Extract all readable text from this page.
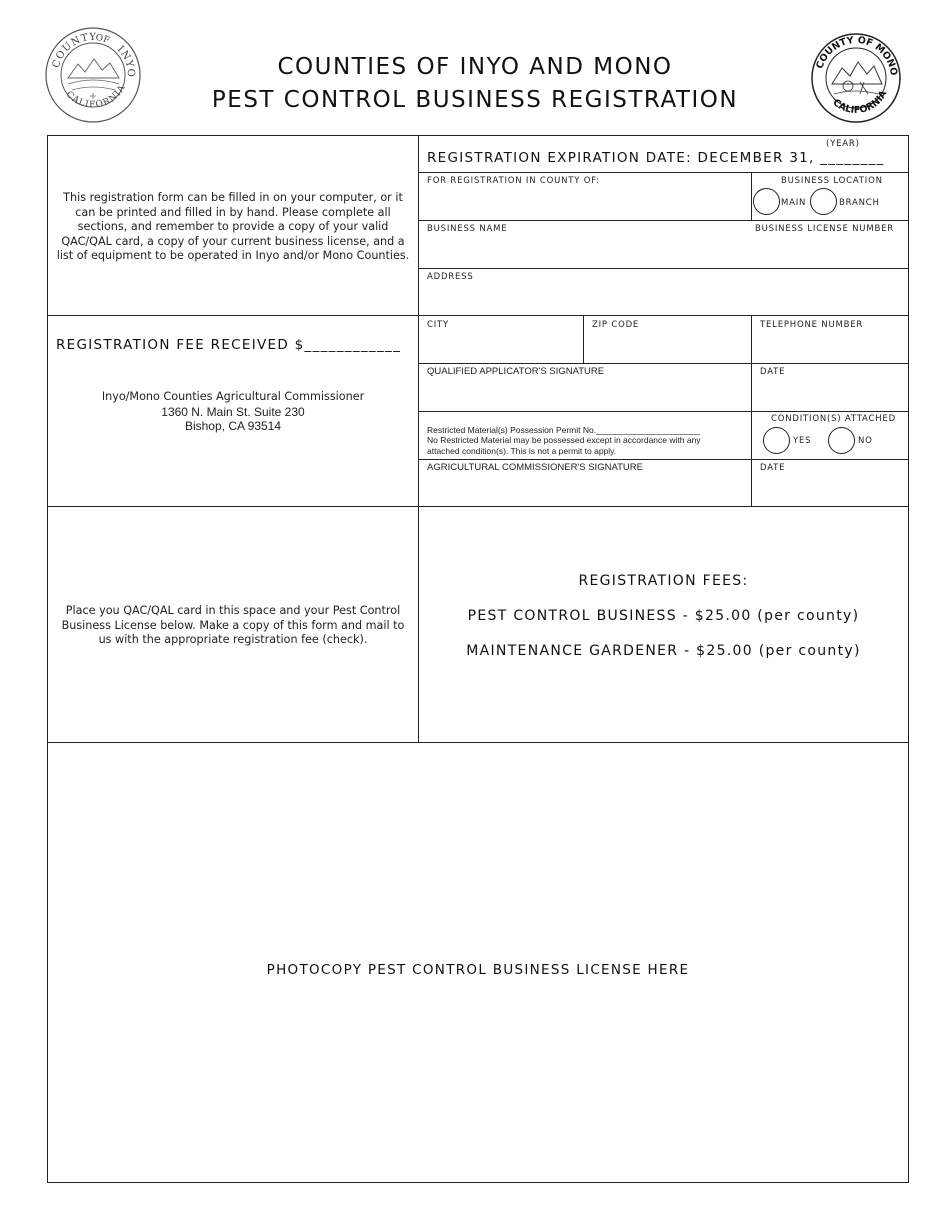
COUNTY
OF
INYO
CALIFORNIA
COUNTY OF MONO
CALIFORNIA
COUNTIES OF INYO AND MONO
PEST CONTROL BUSINESS REGISTRATION
This registration form can be filled in on your computer, or it can be printed and filled in by hand. Please complete all sections, and remember to provide a copy of your valid QAC/QAL card, a copy of your current business license, and a list of equipment to be operated in Inyo and/or Mono Counties.
REGISTRATION FEE RECEIVED $____________
Inyo/Mono Counties Agricultural Commissioner
1360 N. Main St. Suite 230
Bishop, CA 93514
Place you QAC/QAL card in this space and your Pest Control Business License below. Make a copy of this form and mail to us with the appropriate registration fee (check).
(YEAR)
REGISTRATION EXPIRATION DATE: DECEMBER 31, ________
FOR REGISTRATION IN COUNTY OF:	BUSINESS LOCATION
MAIN	BRANCH
BUSINESS NAME	BUSINESS LICENSE NUMBER
ADDRESS
CITY	ZIP CODE	TELEPHONE NUMBER
QUALIFIED APPLICATOR'S SIGNATURE	DATE
Restricted Material(s) Possession Permit No.______________________
No Restricted Material may be possessed except in accordance with any
attached condition(s). This is not a permit to apply.
CONDITION(S) ATTACHED
YES	NO
AGRICULTURAL COMMISSIONER'S SIGNATURE	DATE
REGISTRATION FEES:
PEST CONTROL BUSINESS - $25.00 (per county)
MAINTENANCE GARDENER - $25.00 (per county)
PHOTOCOPY PEST CONTROL BUSINESS LICENSE HERE
